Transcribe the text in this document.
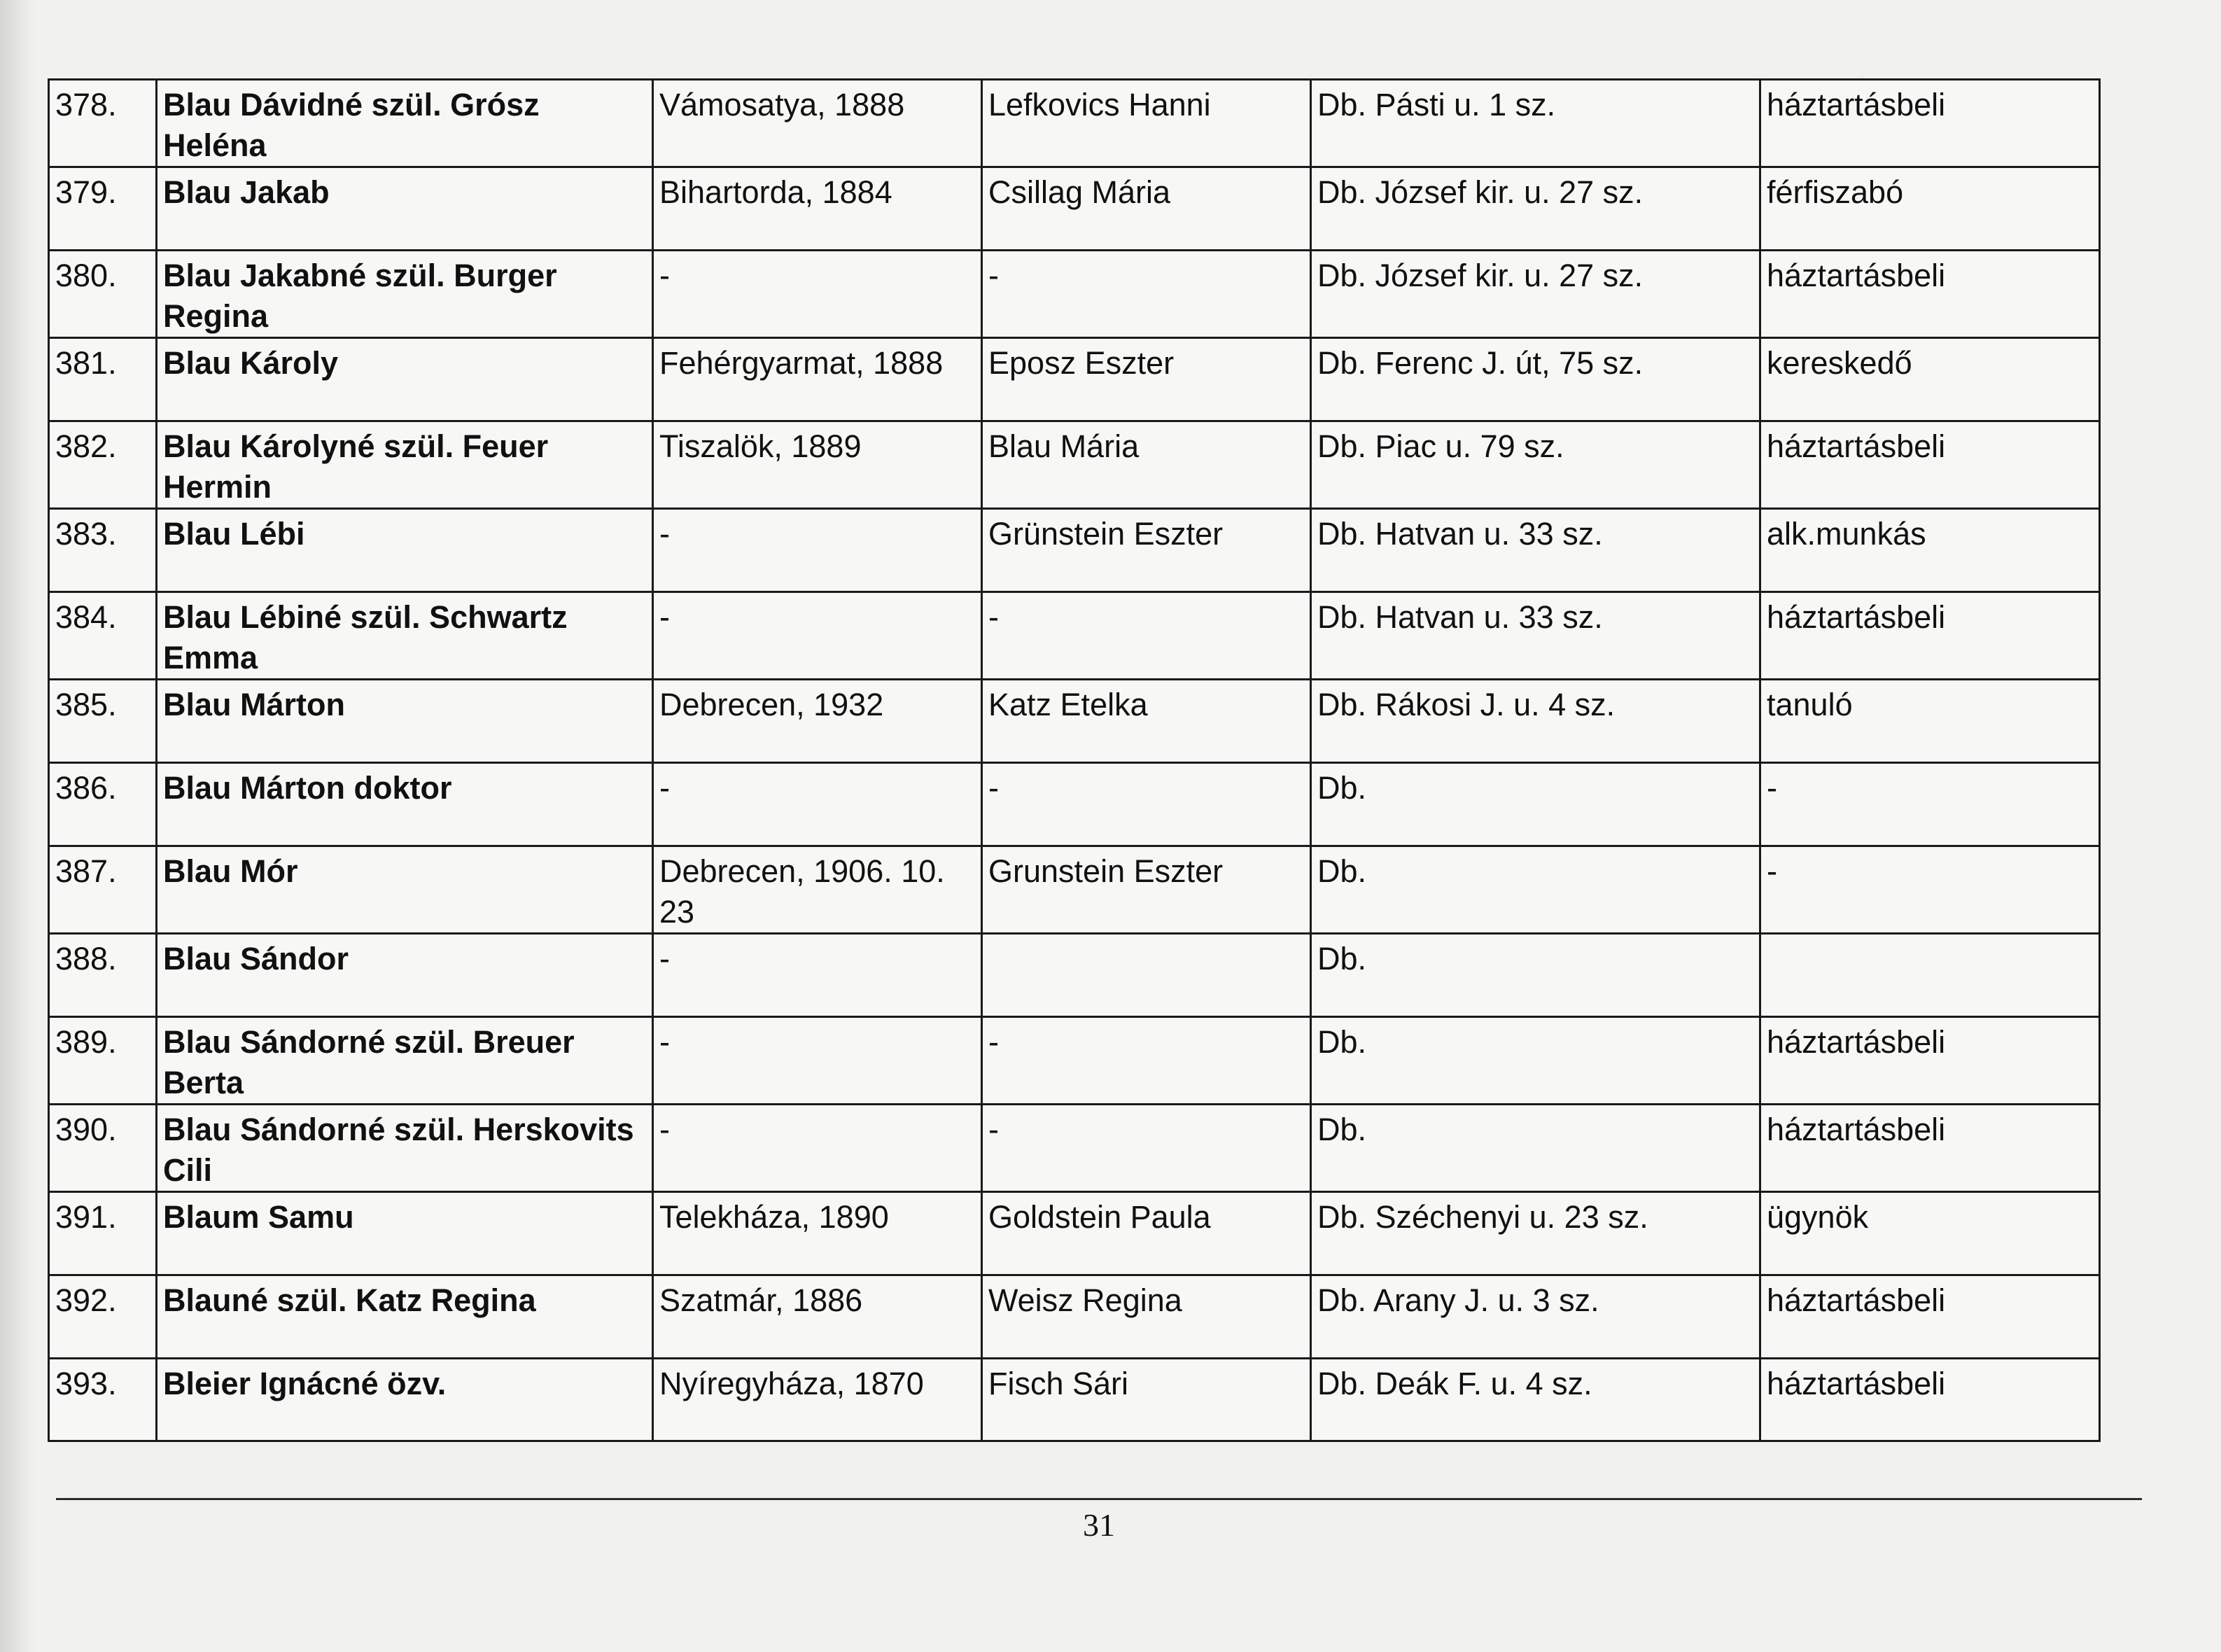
378.	Blau Dávidné szül. Grósz Heléna	Vámosatya, 1888	Lefkovics Hanni	Db. Pásti u. 1 sz.	háztartásbeli
379.	Blau Jakab	Bihartorda, 1884	Csillag Mária	Db. József kir. u. 27 sz.	férfiszabó
380.	Blau Jakabné szül. Burger Regina	-	-	Db. József kir. u. 27 sz.	háztartásbeli
381.	Blau Károly	Fehérgyarmat, 1888	Eposz Eszter	Db. Ferenc J. út, 75 sz.	kereskedő
382.	Blau Károlyné szül. Feuer Hermin	Tiszalök, 1889	Blau Mária	Db. Piac u. 79 sz.	háztartásbeli
383.	Blau Lébi	-	Grünstein Eszter	Db. Hatvan u. 33 sz.	alk.munkás
384.	Blau Lébiné szül. Schwartz Emma	-	-	Db. Hatvan u. 33 sz.	háztartásbeli
385.	Blau Márton	Debrecen, 1932	Katz Etelka	Db. Rákosi J. u. 4 sz.	tanuló
386.	Blau Márton doktor	-	-	Db.	-
387.	Blau Mór	Debrecen, 1906. 10. 23	Grunstein Eszter	Db.	-
388.	Blau Sándor	-		Db.	
389.	Blau Sándorné szül. Breuer Berta	-	-	Db.	háztartásbeli
390.	Blau Sándorné szül. Herskovits Cili	-	-	Db.	háztartásbeli
391.	Blaum Samu	Telekháza, 1890	Goldstein Paula	Db. Széchenyi u. 23 sz.	ügynök
392.	Blauné szül. Katz Regina	Szatmár, 1886	Weisz Regina	Db. Arany J. u. 3 sz.	háztartásbeli
393.	Bleier Ignácné özv.	Nyíregyháza, 1870	Fisch Sári	Db. Deák F. u. 4 sz.	háztartásbeli
31
